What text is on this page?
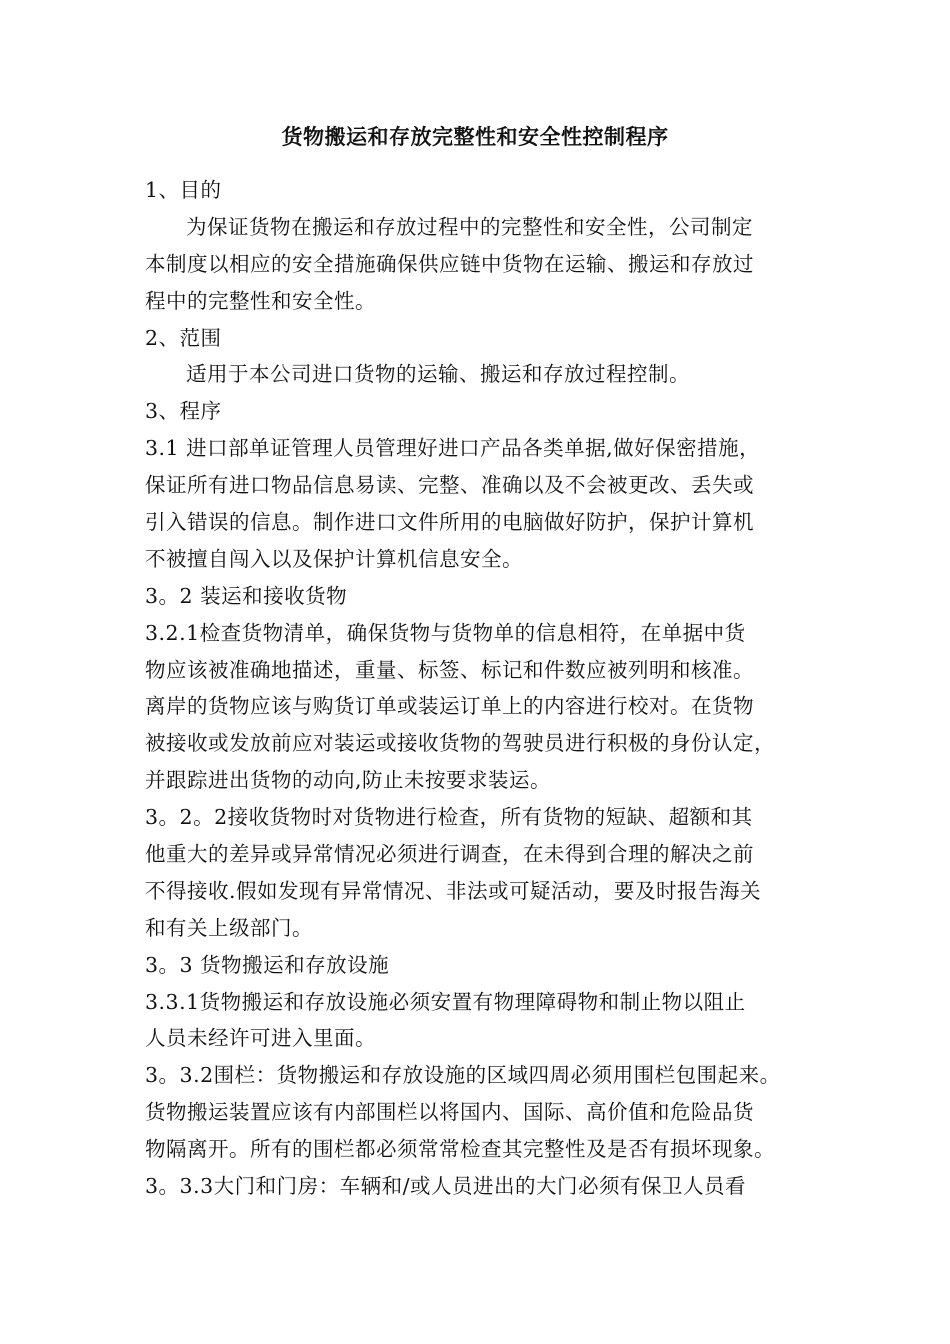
货物搬运和存放完整性和安全性控制程序
1、目的
为保证货物在搬运和存放过程中的完整性和安全性，公司制定
本制度以相应的安全措施确保供应链中货物在运输、搬运和存放过
程中的完整性和安全性。
2、范围
适用于本公司进口货物的运输、搬运和存放过程控制。
3、程序
3.1 进口部单证管理人员管理好进口产品各类单据,做好保密措施，
保证所有进口物品信息易读、完整、准确以及不会被更改、丢失或
引入错误的信息。制作进口文件所用的电脑做好防护，保护计算机
不被擅自闯入以及保护计算机信息安全。
3。2 装运和接收货物
3.2.1检查货物清单，确保货物与货物单的信息相符，在单据中货
物应该被准确地描述，重量、标签、标记和件数应被列明和核准。
离岸的货物应该与购货订单或装运订单上的内容进行校对。在货物
被接收或发放前应对装运或接收货物的驾驶员进行积极的身份认定，
并跟踪进出货物的动向,防止未按要求装运。
3。2。2接收货物时对货物进行检查，所有货物的短缺、超额和其
他重大的差异或异常情况必须进行调查，在未得到合理的解决之前
不得接收.假如发现有异常情况、非法或可疑活动，要及时报告海关
和有关上级部门。
3。3 货物搬运和存放设施
3.3.1货物搬运和存放设施必须安置有物理障碍物和制止物以阻止
人员未经许可进入里面。
3。3.2围栏：货物搬运和存放设施的区域四周必须用围栏包围起来。
货物搬运装置应该有内部围栏以将国内、国际、高价值和危险品货
物隔离开。所有的围栏都必须常常检查其完整性及是否有损坏现象。
3。3.3大门和门房：车辆和/或人员进出的大门必须有保卫人员看
